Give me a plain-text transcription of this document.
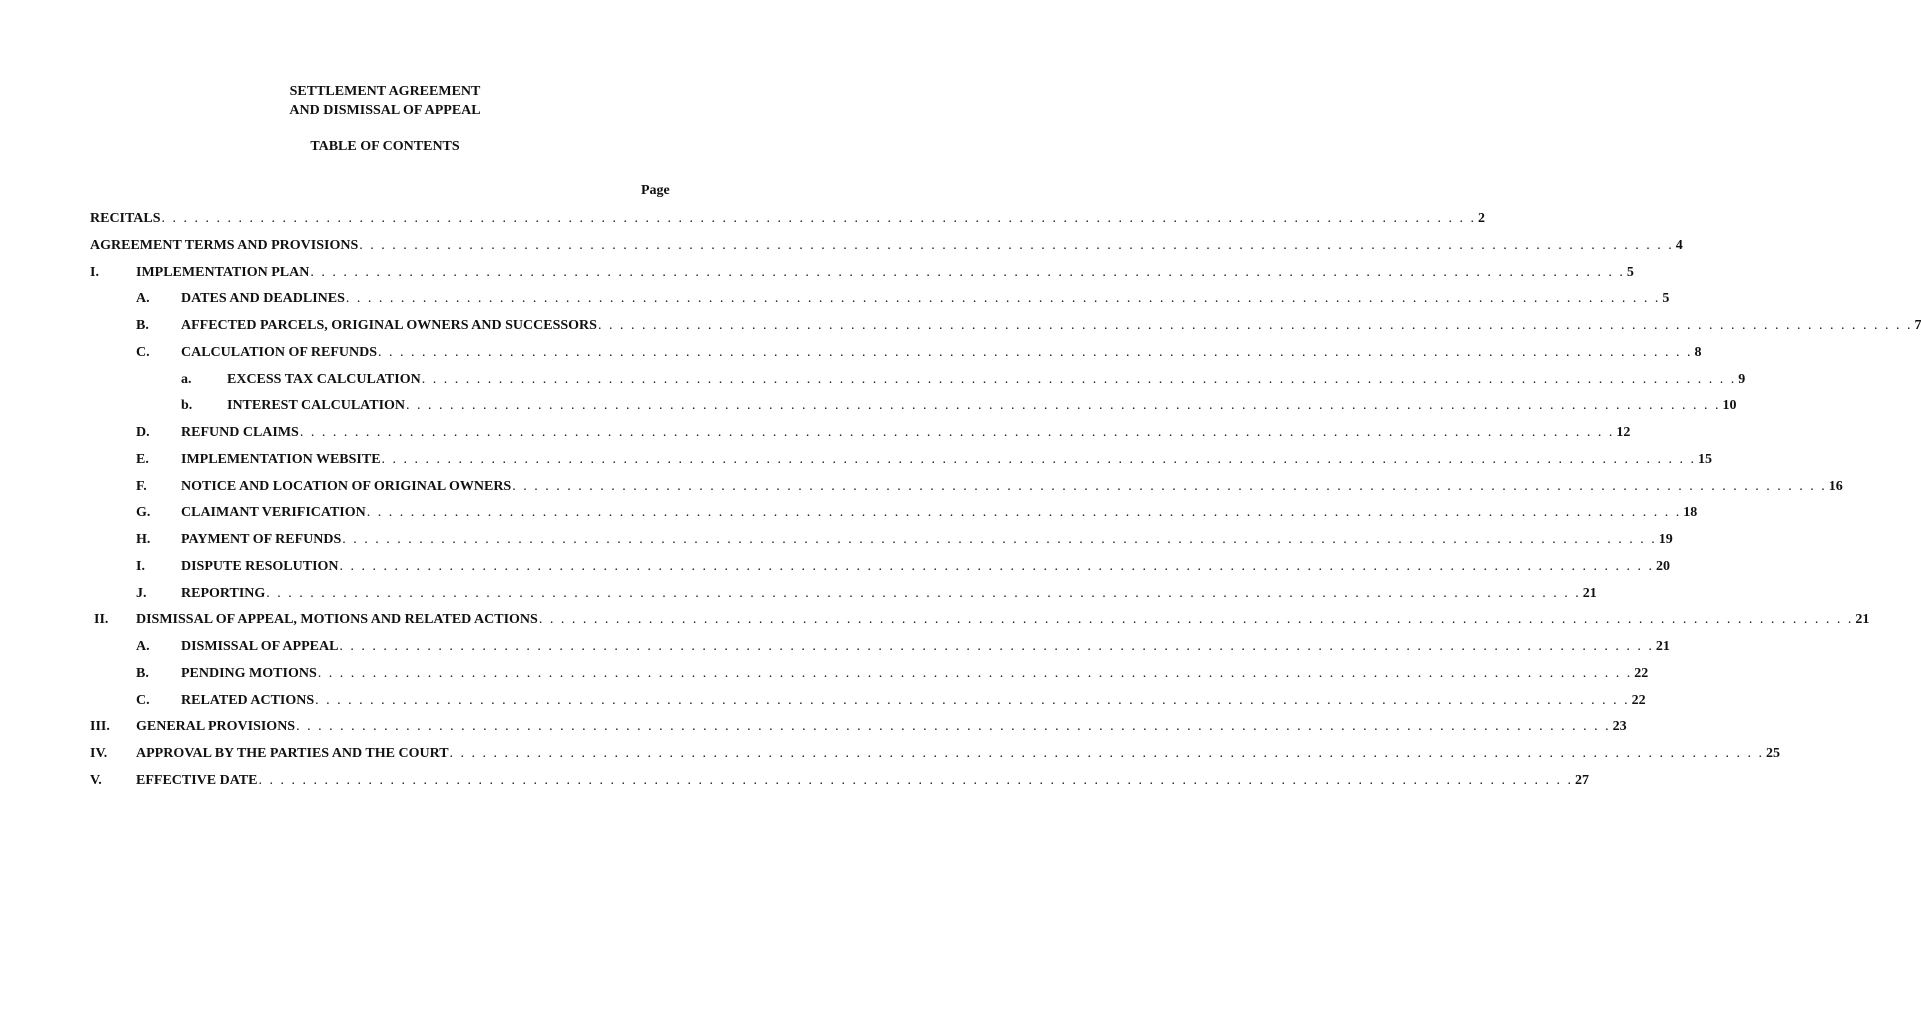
SETTLEMENT AGREEMENT
AND DISMISSAL OF APPEAL
TABLE OF CONTENTS
Page
RECITALS . . . . . . . . . . . . . . . . . . . . . . . . . . . . . . . . . . . . . . . . . . . . . . . . . . . . . . . . . . . . . . . . . . . . . . . . . . . . . . . . . . . . . . . . . . . . . . . . . . . . . . . . . . . . . . . . . . . . . . . . 2
AGREEMENT TERMS AND PROVISIONS . . . . . . . . . . . . . . . . . . . . . . . . . . . . . . . . . . . . . . . . . . . . . . . . . . . . . . . . . . . . . . . . . . . . . . . . . . . . . . . . . . . . . . . . . . . . . . . . . . . . . . . . . . . . . . . . . . . . . . . . 4
I.	IMPLEMENTATION PLAN . . . . . . . . . . . . . . . . . . . . . . . . . . . . . . . . . . . . . . . . . . . . . . . . . . . . . . . . . . . . . . . . . . . . . . . . . . . . . . . . . . . . . . . . . . . . . . . . . . . . . . . . . . . . . . . . . . . . . . . . 5
A. DATES AND DEADLINES . . . . . . . . . . . . . . . . . . . . . . . . . . . . . . . . . . . . . . . . . . . . . . . . . . . . . . . . . . . . . . . . . . . . . . . . . . . . . . . . . . . . . . . . . . . . . . . . . . . . . . . . . . . . . . . . . . . . . . . . 5
B. AFFECTED PARCELS, ORIGINAL OWNERS AND SUCCESSORS . . . . . . . . . . . . . . . . . . . . . . . . . . . . . . . . . . . . . . . . . . . . . . . . . . . . . . . . . . . . . . . . . . . . . . . . . . . . . . . . . . . . . . . . . . . . . . . . . . . . . . . . . . . . . . . . . . . . . . . . 7
C. CALCULATION OF REFUNDS . . . . . . . . . . . . . . . . . . . . . . . . . . . . . . . . . . . . . . . . . . . . . . . . . . . . . . . . . . . . . . . . . . . . . . . . . . . . . . . . . . . . . . . . . . . . . . . . . . . . . . . . . . . . . . . . . . . . . . . . 8
a.	EXCESS TAX CALCULATION . . . . . . . . . . . . . . . . . . . . . . . . . . . . . . . . . . . . . . . . . . . . . . . . . . . . . . . . . . . . . . . . . . . . . . . . . . . . . . . . . . . . . . . . . . . . . . . . . . . . . . . . . . . . . . . . . . . . . . . . 9
b. INTEREST CALCULATION . . . . . . . . . . . . . . . . . . . . . . . . . . . . . . . . . . . . . . . . . . . . . . . . . . . . . . . . . . . . . . . . . . . . . . . . . . . . . . . . . . . . . . . . . . . . . . . . . . . . . . . . . . . . . . . . . . . . . . . . 10
D. REFUND CLAIMS . . . . . . . . . . . . . . . . . . . . . . . . . . . . . . . . . . . . . . . . . . . . . . . . . . . . . . . . . . . . . . . . . . . . . . . . . . . . . . . . . . . . . . . . . . . . . . . . . . . . . . . . . . . . . . . . . . . . . . . . 12
E. IMPLEMENTATION WEBSITE . . . . . . . . . . . . . . . . . . . . . . . . . . . . . . . . . . . . . . . . . . . . . . . . . . . . . . . . . . . . . . . . . . . . . . . . . . . . . . . . . . . . . . . . . . . . . . . . . . . . . . . . . . . . . . . . . . . . . . . . 15
F. NOTICE AND LOCATION OF ORIGINAL OWNERS . . . . . . . . . . . . . . . . . . . . . . . . . . . . . . . . . . . . . . . . . . . . . . . . . . . . . . . . . . . . . . . . . . . . . . . . . . . . . . . . . . . . . . . . . . . . . . . . . . . . . . . . . . . . . . . . . . . . . . . . 16
G. CLAIMANT VERIFICATION . . . . . . . . . . . . . . . . . . . . . . . . . . . . . . . . . . . . . . . . . . . . . . . . . . . . . . . . . . . . . . . . . . . . . . . . . . . . . . . . . . . . . . . . . . . . . . . . . . . . . . . . . . . . . . . . . . . . . . . . 18
H. PAYMENT OF REFUNDS . . . . . . . . . . . . . . . . . . . . . . . . . . . . . . . . . . . . . . . . . . . . . . . . . . . . . . . . . . . . . . . . . . . . . . . . . . . . . . . . . . . . . . . . . . . . . . . . . . . . . . . . . . . . . . . . . . . . . . . . 19
I.	DISPUTE RESOLUTION . . . . . . . . . . . . . . . . . . . . . . . . . . . . . . . . . . . . . . . . . . . . . . . . . . . . . . . . . . . . . . . . . . . . . . . . . . . . . . . . . . . . . . . . . . . . . . . . . . . . . . . . . . . . . . . . . . . . . . . . 20
J. REPORTING . . . . . . . . . . . . . . . . . . . . . . . . . . . . . . . . . . . . . . . . . . . . . . . . . . . . . . . . . . . . . . . . . . . . . . . . . . . . . . . . . . . . . . . . . . . . . . . . . . . . . . . . . . . . . . . . . . . . . . . . 21
II. DISMISSAL OF APPEAL, MOTIONS AND RELATED ACTIONS . . . . . . . . . . . . . . . . . . . . . . . . . . . . . . . . . . . . . . . . . . . . . . . . . . . . . . . . . . . . . . . . . . . . . . . . . . . . . . . . . . . . . . . . . . . . . . . . . . . . . . . . . . . . . . . . . . . . . . . . 21
A. DISMISSAL OF APPEAL . . . . . . . . . . . . . . . . . . . . . . . . . . . . . . . . . . . . . . . . . . . . . . . . . . . . . . . . . . . . . . . . . . . . . . . . . . . . . . . . . . . . . . . . . . . . . . . . . . . . . . . . . . . . . . . . . . . . . . . . 21
B. PENDING MOTIONS . . . . . . . . . . . . . . . . . . . . . . . . . . . . . . . . . . . . . . . . . . . . . . . . . . . . . . . . . . . . . . . . . . . . . . . . . . . . . . . . . . . . . . . . . . . . . . . . . . . . . . . . . . . . . . . . . . . . . . . . 22
C. RELATED ACTIONS . . . . . . . . . . . . . . . . . . . . . . . . . . . . . . . . . . . . . . . . . . . . . . . . . . . . . . . . . . . . . . . . . . . . . . . . . . . . . . . . . . . . . . . . . . . . . . . . . . . . . . . . . . . . . . . . . . . . . . . . 22
III. GENERAL PROVISIONS . . . . . . . . . . . . . . . . . . . . . . . . . . . . . . . . . . . . . . . . . . . . . . . . . . . . . . . . . . . . . . . . . . . . . . . . . . . . . . . . . . . . . . . . . . . . . . . . . . . . . . . . . . . . . . . . . . . . . . . . 23
IV. APPROVAL BY THE PARTIES AND THE COURT . . . . . . . . . . . . . . . . . . . . . . . . . . . . . . . . . . . . . . . . . . . . . . . . . . . . . . . . . . . . . . . . . . . . . . . . . . . . . . . . . . . . . . . . . . . . . . . . . . . . . . . . . . . . . . . . . . . . . . . . 25
V. EFFECTIVE DATE . . . . . . . . . . . . . . . . . . . . . . . . . . . . . . . . . . . . . . . . . . . . . . . . . . . . . . . . . . . . . . . . . . . . . . . . . . . . . . . . . . . . . . . . . . . . . . . . . . . . . . . . . . . . . . . . . . . . . . . . 27
